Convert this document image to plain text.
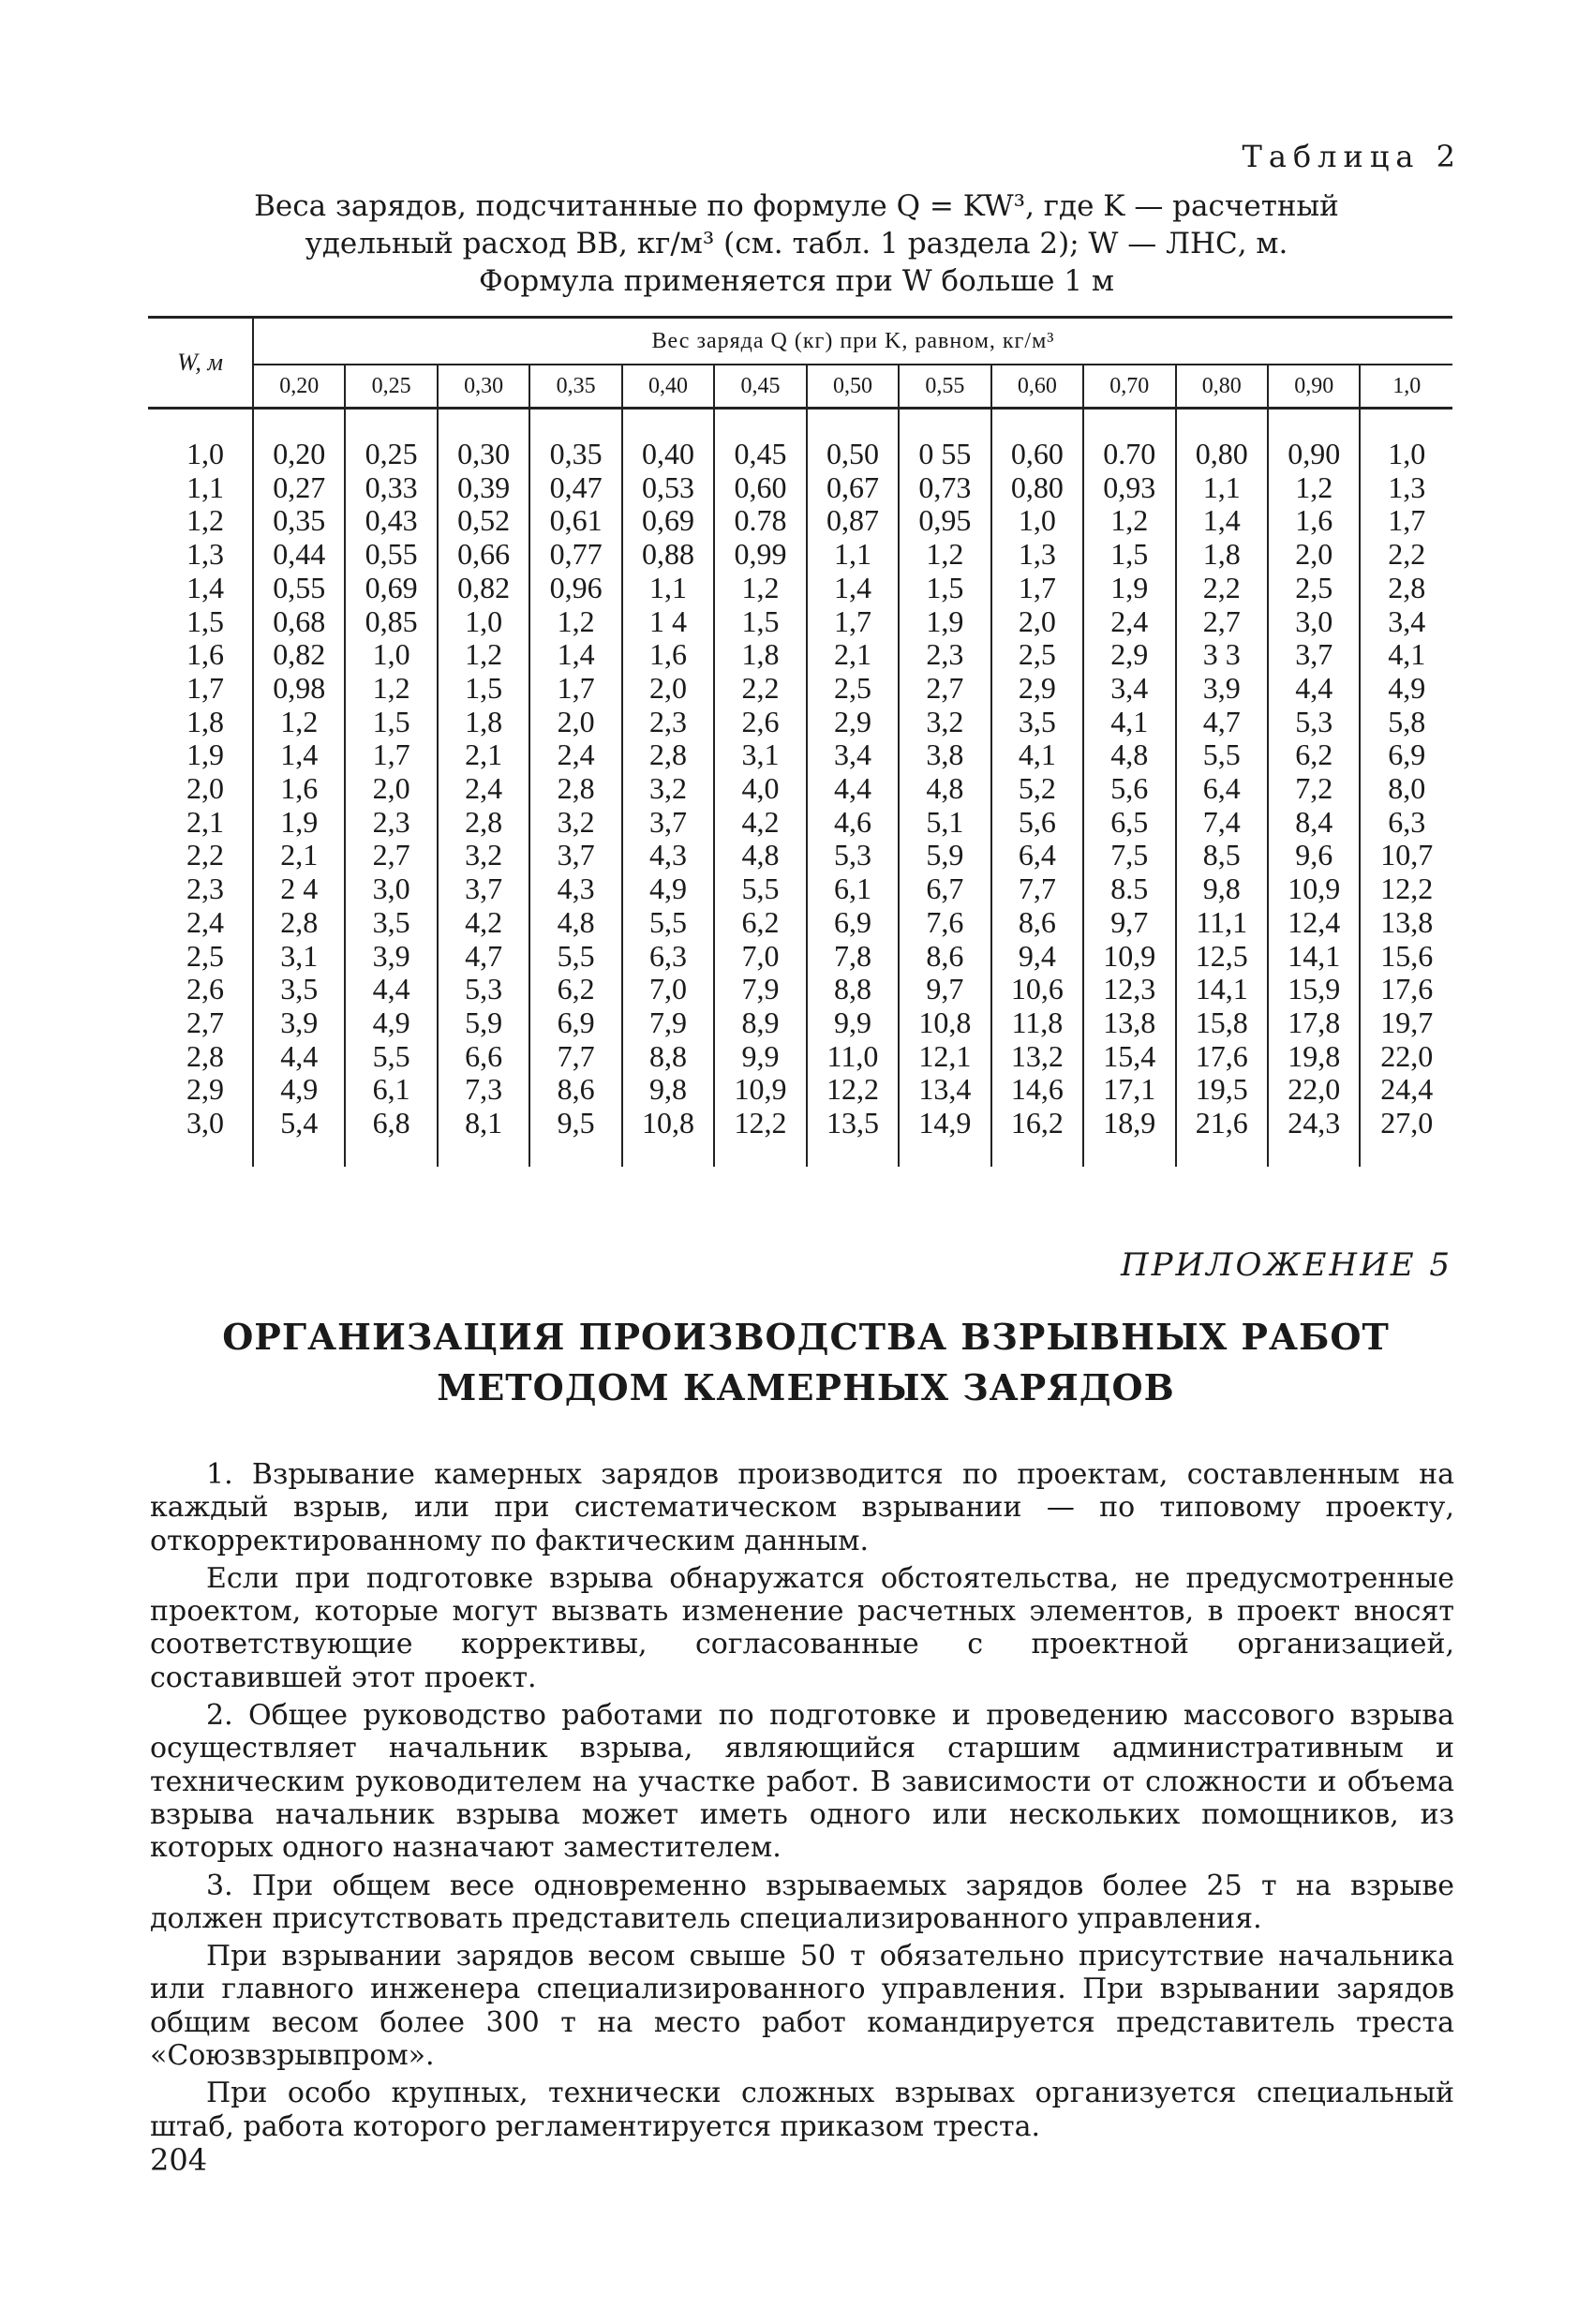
Таблица 2
Веса зарядов, подсчитанные по формуле Q = KW³, где K — расчетный
удельный расход ВВ, кг/м³ (см. табл. 1 раздела 2); W — ЛНС, м.
Формула применяется при W больше 1 м
W, м	Вес заряда Q (кг) при K, равном, кг/м³												
	0,20	0,25	0,30	0,35	0,40	0,45	0,50	0,55	0,60	0,70	0,80	0,90	1,0

1,0	0,20	0,25	0,30	0,35	0,40	0,45	0,50	0 55	0,60	0.70	0,80	0,90	1,0
1,1	0,27	0,33	0,39	0,47	0,53	0,60	0,67	0,73	0,80	0,93	1,1	1,2	1,3
1,2	0,35	0,43	0,52	0,61	0,69	0.78	0,87	0,95	1,0	1,2	1,4	1,6	1,7
1,3	0,44	0,55	0,66	0,77	0,88	0,99	1,1	1,2	1,3	1,5	1,8	2,0	2,2
1,4	0,55	0,69	0,82	0,96	1,1	1,2	1,4	1,5	1,7	1,9	2,2	2,5	2,8
1,5	0,68	0,85	1,0	1,2	1 4	1,5	1,7	1,9	2,0	2,4	2,7	3,0	3,4
1,6	0,82	1,0	1,2	1,4	1,6	1,8	2,1	2,3	2,5	2,9	3 3	3,7	4,1
1,7	0,98	1,2	1,5	1,7	2,0	2,2	2,5	2,7	2,9	3,4	3,9	4,4	4,9
1,8	1,2	1,5	1,8	2,0	2,3	2,6	2,9	3,2	3,5	4,1	4,7	5,3	5,8
1,9	1,4	1,7	2,1	2,4	2,8	3,1	3,4	3,8	4,1	4,8	5,5	6,2	6,9
2,0	1,6	2,0	2,4	2,8	3,2	4,0	4,4	4,8	5,2	5,6	6,4	7,2	8,0
2,1	1,9	2,3	2,8	3,2	3,7	4,2	4,6	5,1	5,6	6,5	7,4	8,4	6,3
2,2	2,1	2,7	3,2	3,7	4,3	4,8	5,3	5,9	6,4	7,5	8,5	9,6	10,7
2,3	2 4	3,0	3,7	4,3	4,9	5,5	6,1	6,7	7,7	8.5	9,8	10,9	12,2
2,4	2,8	3,5	4,2	4,8	5,5	6,2	6,9	7,6	8,6	9,7	11,1	12,4	13,8
2,5	3,1	3,9	4,7	5,5	6,3	7,0	7,8	8,6	9,4	10,9	12,5	14,1	15,6
2,6	3,5	4,4	5,3	6,2	7,0	7,9	8,8	9,7	10,6	12,3	14,1	15,9	17,6
2,7	3,9	4,9	5,9	6,9	7,9	8,9	9,9	10,8	11,8	13,8	15,8	17,8	19,7
2,8	4,4	5,5	6,6	7,7	8,8	9,9	11,0	12,1	13,2	15,4	17,6	19,8	22,0
2,9	4,9	6,1	7,3	8,6	9,8	10,9	12,2	13,4	14,6	17,1	19,5	22,0	24,4
3,0	5,4	6,8	8,1	9,5	10,8	12,2	13,5	14,9	16,2	18,9	21,6	24,3	27,0

ПРИЛОЖЕНИЕ 5
ОРГАНИЗАЦИЯ ПРОИЗВОДСТВА ВЗРЫВНЫХ РАБОТ
МЕТОДОМ КАМЕРНЫХ ЗАРЯДОВ

1. Взрывание камерных зарядов производится по проектам, составленным на каждый взрыв, или при систематическом взрывании — по типовому проекту, откорректированному по фактическим данным.

Если при подготовке взрыва обнаружатся обстоятельства, не предусмотренные проектом, которые могут вызвать изменение расчетных элементов, в проект вносят соответствующие коррективы, согласованные с проектной организацией, составившей этот проект.

2. Общее руководство работами по подготовке и проведению массового взрыва осуществляет начальник взрыва, являющийся старшим административным и техническим руководителем на участке работ. В зависимости от сложности и объема взрыва начальник взрыва может иметь одного или нескольких помощников, из которых одного назначают заместителем.

3. При общем весе одновременно взрываемых зарядов более 25 т на взрыве должен присутствовать представитель специализированного управления.

При взрывании зарядов весом свыше 50 т обязательно присутствие начальника или главного инженера специализированного управления. При взрывании зарядов общим весом более 300 т на место работ командируется представитель треста «Союзвзрывпром».

При особо крупных, технически сложных взрывах организуется специальный штаб, работа которого регламентируется приказом треста.

204
